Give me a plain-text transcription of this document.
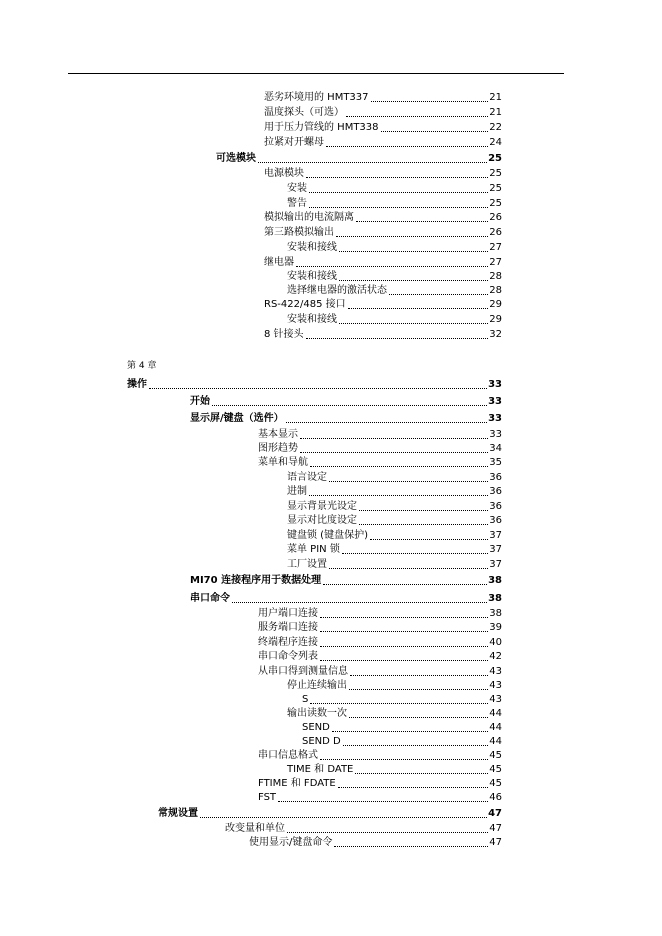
恶劣环境用的 HMT337	21
温度探头（可选）	21
用于压力管线的 HMT338	22
拉紧对开螺母	24
可选模块	25
电源模块	25
安装	25
警告	25
模拟输出的电流隔离	26
第三路模拟输出	26
安装和接线	27
继电器	27
安装和接线	28
选择继电器的激活状态	28
RS-422/485 接口	29
安装和接线	29
8 针接头	32
第 4 章
操作	33
开始	33
显示屏/键盘（选件）	33
基本显示	33
图形趋势	34
菜单和导航	35
语言设定	36
进制	36
显示背景光设定	36
显示对比度设定	36
键盘锁 (键盘保护)	37
菜单 PIN 锁	37
工厂设置	37
MI70 连接程序用于数据处理	38
串口命令	38
用户端口连接	38
服务端口连接	39
终端程序连接	40
串口命令列表	42
从串口得到测量信息	43
停止连续输出	43
S	43
输出读数一次	44
SEND	44
SEND D	44
串口信息格式	45
TIME 和 DATE	45
FTIME 和 FDATE	45
FST	46
常规设置	47
改变量和单位	47
使用显示/键盘命令	47
